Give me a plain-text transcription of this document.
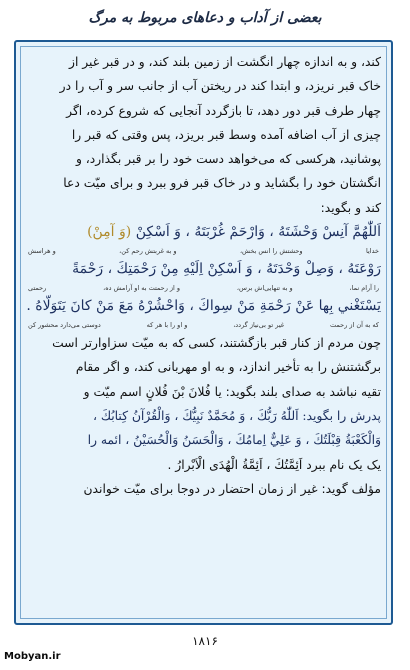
بعضی از آداب و دعاهای مربوط به مرگ
کند، و به اندازه چهار انگشت از زمین بلند کند، و در قبر غیر از
خاک قبر نریزد، و ابتدا کند در ریختن آب از جانب سر و آب را در
چهار طرف قبر دور دهد، تا بازگردد آنجایی که شروع کرده، اگر
چیزی از آب اضافه آمده وسط قبر بریزد، پس وقتی که قبر را
پوشانید، هرکسی که می‌خواهد دست خود را بر قبر بگذارد، و
انگشتان خود را بگشاید و در خاک قبر فرو ببرد و برای میّت دعا
کند و بگوید:
اَللّٰهُمَّ آنِسْ وَحْشَتَهُ ، وَارْحَمْ غُرْبَتَهُ ، وَ اَسْكِنْ (وَ آمِنْ)
خدایا
وحشتش را انس بخش،
و به غربتش رحم کن،
و هراسش
رَوْعَتَهُ ، وَصِلْ وَحْدَتَهُ ، وَ اَسْكِنْ اِلَيْهِ مِنْ رَحْمَتِكَ ، رَحْمَةً
را آرام نما،
و به تنهایی‌اش برس،
و از رحمتت به او آرامش ده،
رحمتی
يَسْتَغْني بِها عَنْ رَحْمَةِ مَنْ سِواكَ ، وَاحْشُرْهُ مَعَ مَنْ كانَ يَتَوَلّاهُ .
که به آن از رحمت
غیر تو بی‌نیاز گردد،
و او را با هر که
دوستی می‌دارد محشور کن
چون مردم از کنار قبر بازگشتند، کسی که به میّت سزاوارتر است
برگشتنش را به تأخیر اندازد، و به او مهربانی کند، و اگر مقام
تقیه نباشد به صدای بلند بگوید: يا فُلانَ بْنَ فُلانٍ اسم میّت و
پدرش را بگوید: اَللّٰهُ رَبُّكَ ، وَ مُحَمَّدٌ نَبِيُّكَ ، وَالْقُرْآنُ كِتابُكَ ،
وَالْكَعْبَةُ قِبْلَتُكَ ، وَ عَلِيٌّ اِمامُكَ ، وَالْحَسَنُ وَالْحُسَيْنُ ، ائمه را
یک یک نام ببرد اَئِمَّتُكَ ، اَئِمَّةُ الْهُدَى الْاَبْرارُ .
مؤلف گوید: غیر از زمان احتضار در دوجا برای میّت خواندن
۱۸۱۶
Mobyan.ir
